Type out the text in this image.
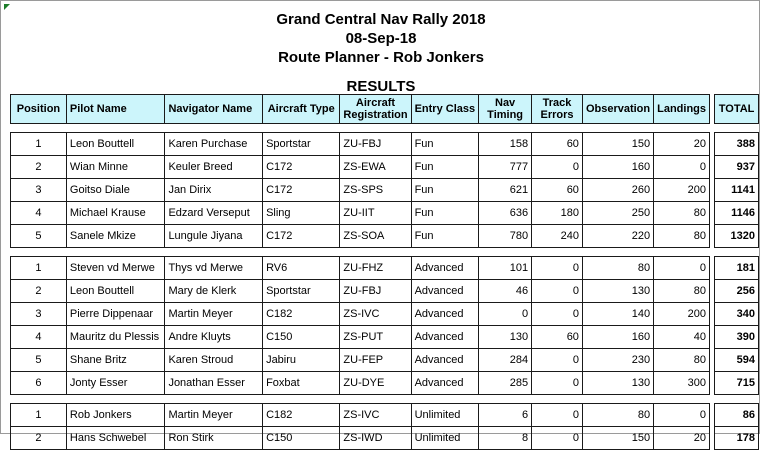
Grand Central Nav Rally 2018
08-Sep-18
Route Planner - Rob Jonkers
RESULTS
Position	Pilot Name	Navigator Name	Aircraft Type	Aircraft Registration	Entry Class	Nav Timing	Track Errors	Observation	Landings		TOTAL

1	Leon Bouttell	Karen Purchase	Sportstar	ZU-FBJ	Fun	158	60	150	20		388
2	Wian Minne	Keuler Breed	C172	ZS-EWA	Fun	777	0	160	0		937
3	Goitso Diale	Jan Dirix	C172	ZS-SPS	Fun	621	60	260	200		1141
4	Michael Krause	Edzard Verseput	Sling	ZU-IIT	Fun	636	180	250	80		1146
5	Sanele Mkize	Lungule Jiyana	C172	ZS-SOA	Fun	780	240	220	80		1320

1	Steven vd Merwe	Thys vd Merwe	RV6	ZU-FHZ	Advanced	101	0	80	0		181
2	Leon Bouttell	Mary de Klerk	Sportstar	ZU-FBJ	Advanced	46	0	130	80		256
3	Pierre Dippenaar	Martin Meyer	C182	ZS-IVC	Advanced	0	0	140	200		340
4	Mauritz du Plessis	Andre Kluyts	C150	ZS-PUT	Advanced	130	60	160	40		390
5	Shane Britz	Karen Stroud	Jabiru	ZU-FEP	Advanced	284	0	230	80		594
6	Jonty Esser	Jonathan Esser	Foxbat	ZU-DYE	Advanced	285	0	130	300		715

1	Rob Jonkers	Martin Meyer	C182	ZS-IVC	Unlimited	6	0	80	0		86
2	Hans Schwebel	Ron Stirk	C150	ZS-IWD	Unlimited	8	0	150	20		178
